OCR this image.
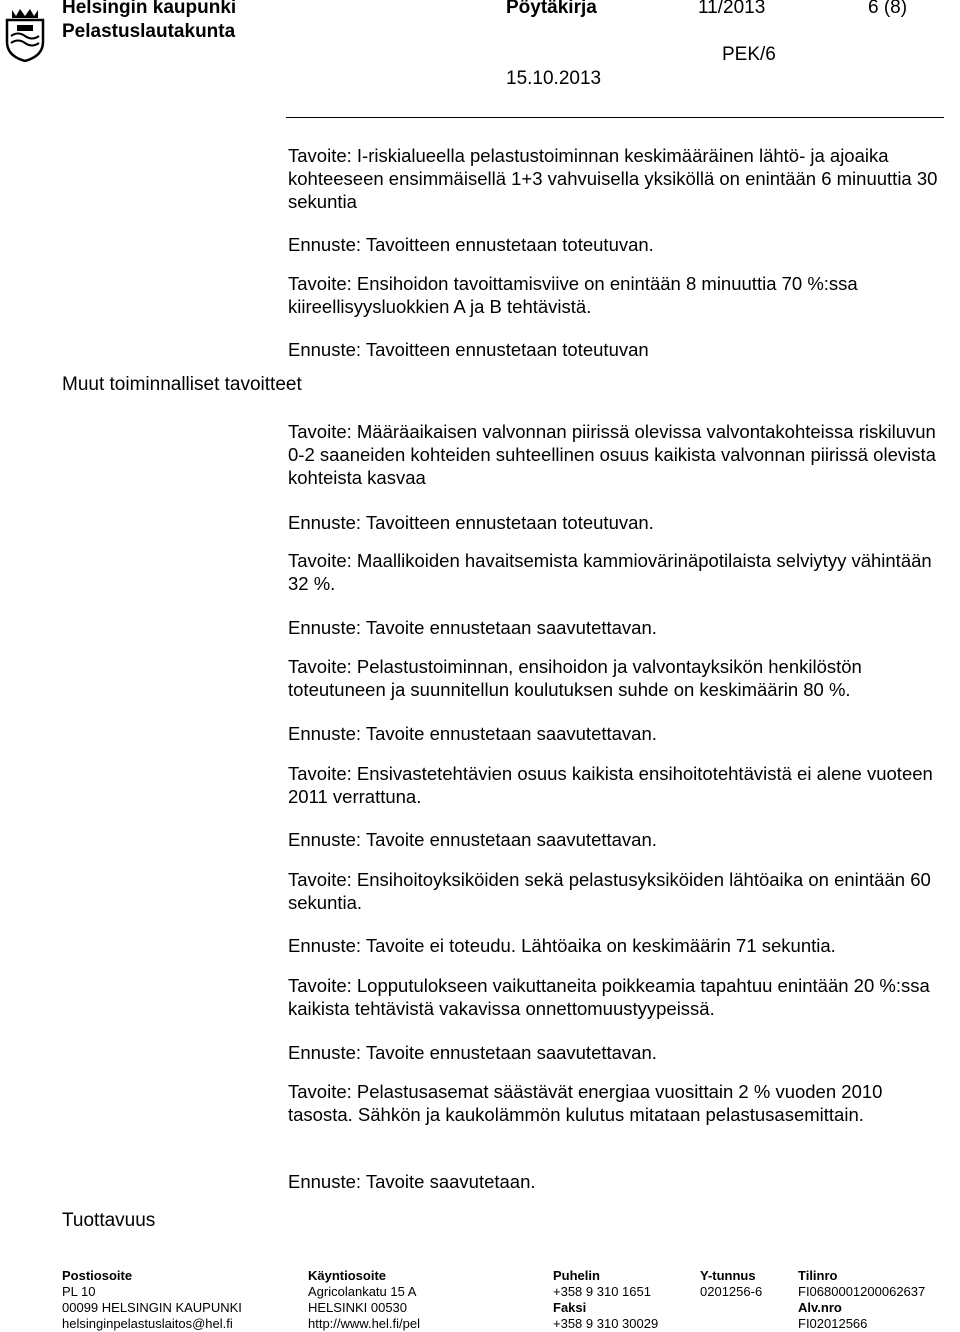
Helsingin kaupunki
Pelastuslautakunta
Pöytäkirja	11/2013	6 (8)
PEK/6
15.10.2013
Muut toiminnalliset tavoitteet
Tuottavuus

Tavoite: I-riskialueella pelastustoiminnan keskimääräinen lähtö- ja ajoaika kohteeseen ensimmäisellä 1+3 vahvuisella yksiköllä on enintään 6 minuuttia 30 sekuntia

Ennuste: Tavoitteen ennustetaan toteutuvan.

Tavoite: Ensihoidon tavoittamisviive on enintään 8 minuuttia 70 %:ssa kiireellisyysluokkien A ja B tehtävistä.

Ennuste: Tavoitteen ennustetaan toteutuvan

Tavoite: Määräaikaisen valvonnan piirissä olevissa valvontakohteissa riskiluvun 0-2 saaneiden kohteiden suhteellinen osuus kaikista valvonnan piirissä olevista kohteista kasvaa

Ennuste: Tavoitteen ennustetaan toteutuvan.

Tavoite: Maallikoiden havaitsemista kammiovärinäpotilaista selviytyy vähintään 32 %.

Ennuste: Tavoite ennustetaan saavutettavan.

Tavoite: Pelastustoiminnan, ensihoidon ja valvontayksikön henkilöstön toteutuneen ja suunnitellun koulutuksen suhde on keskimäärin 80 %.

Ennuste: Tavoite ennustetaan saavutettavan.

Tavoite: Ensivastetehtävien osuus kaikista ensihoitotehtävistä ei alene vuoteen 2011 verrattuna.

Ennuste: Tavoite ennustetaan saavutettavan.

Tavoite: Ensihoitoyksiköiden sekä pelastusyksiköiden lähtöaika on enintään 60 sekuntia.

Ennuste: Tavoite ei toteudu. Lähtöaika on keskimäärin 71 sekuntia.

Tavoite: Lopputulokseen vaikuttaneita poikkeamia tapahtuu enintään 20 %:ssa kaikista tehtävistä vakavissa onnettomuustyypeissä.

Ennuste: Tavoite ennustetaan saavutettavan.

Tavoite: Pelastusasemat säästävät energiaa vuosittain 2 % vuoden 2010 tasosta. Sähkön ja kaukolämmön kulutus mitataan pelastusasemittain.

Ennuste: Tavoite saavutetaan.

Postiosoite
PL 10
00099 HELSINGIN KAUPUNKI
helsinginpelastuslaitos@hel.fi
Käyntiosoite
Agricolankatu 15 A
HELSINKI 00530
http://www.hel.fi/pel
Puhelin
+358 9 310 1651
Faksi
+358 9 310 30029
Y-tunnus
0201256-6
Tilinro
FI0680001200062637
Alv.nro
FI02012566
